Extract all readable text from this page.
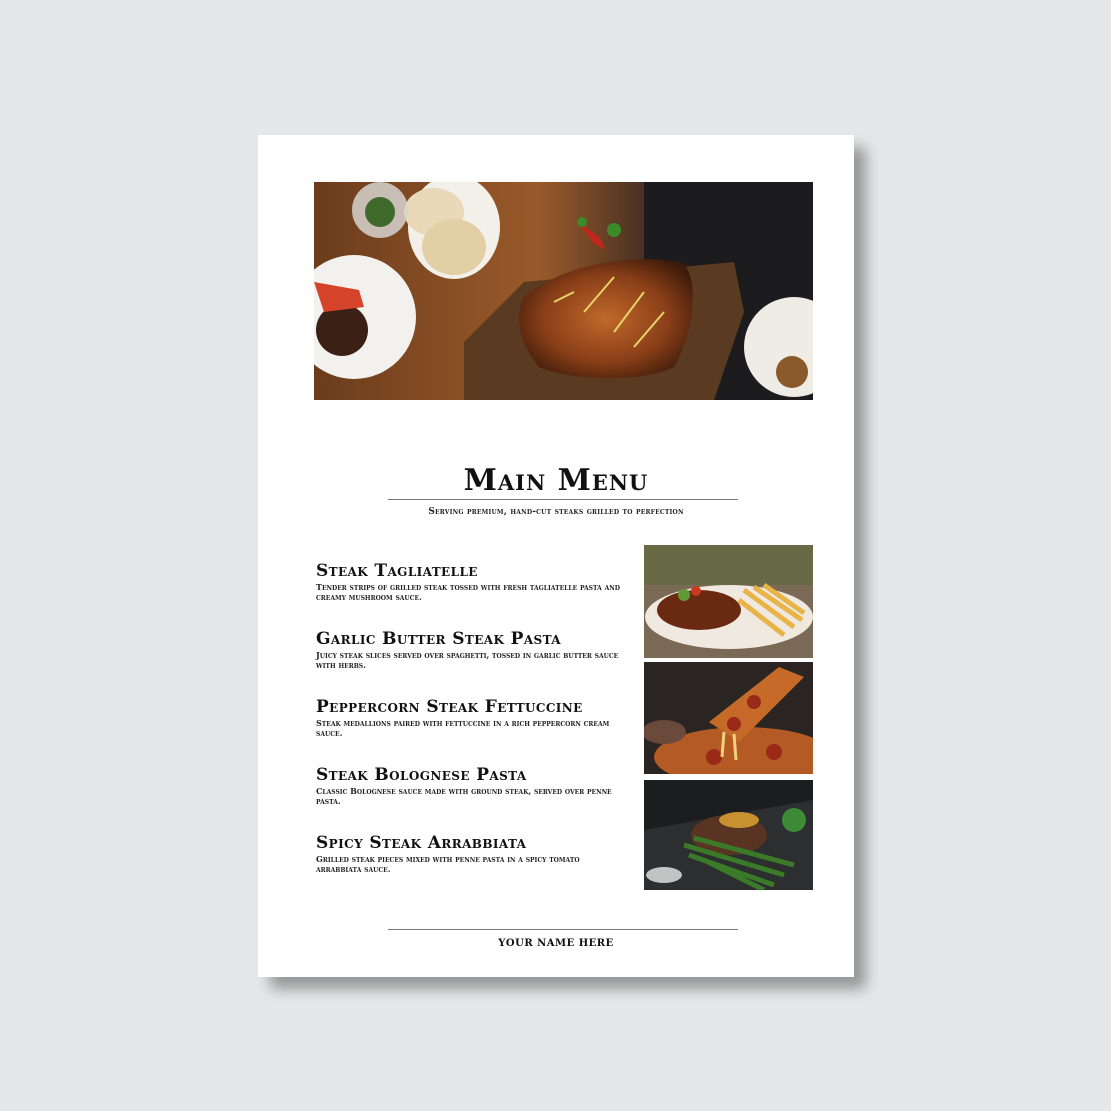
Main Menu
Serving premium, hand-cut steaks grilled to perfection
Steak Tagliatelle
Tender strips of grilled steak tossed with fresh tagliatelle pasta and creamy mushroom sauce.
Garlic Butter Steak Pasta
Juicy steak slices served over spaghetti, tossed in garlic butter sauce with herbs.
Peppercorn Steak Fettuccine
Steak medallions paired with fettuccine in a rich peppercorn cream sauce.
Steak Bolognese Pasta
Classic Bolognese sauce made with ground steak, served over penne pasta.
Spicy Steak Arrabbiata
Grilled steak pieces mixed with penne pasta in a spicy tomato arrabbiata sauce.
YOUR NAME HERE
